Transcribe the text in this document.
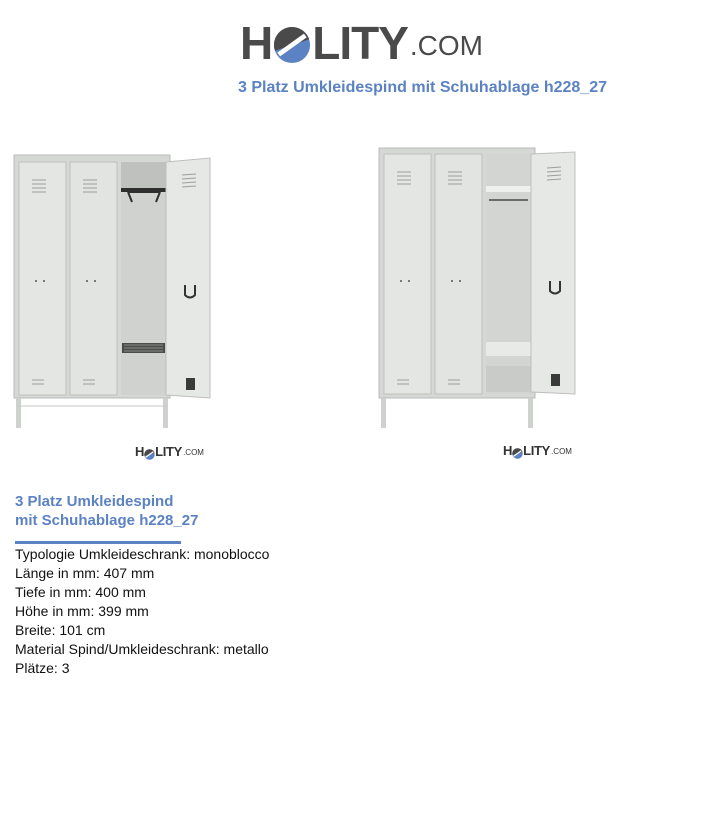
H LITY .COM
3 Platz Umkleidespind mit Schuhablage h228_27
H LITY .COM	H LITY .COM
3 Platz Umkleidespind
mit Schuhablage h228_27
Typologie Umkleideschrank: monoblocco
Länge in mm: 407 mm
Tiefe in mm: 400 mm
Höhe in mm: 399 mm
Breite: 101 cm
Material Spind/Umkleideschrank: metallo
Plätze: 3
